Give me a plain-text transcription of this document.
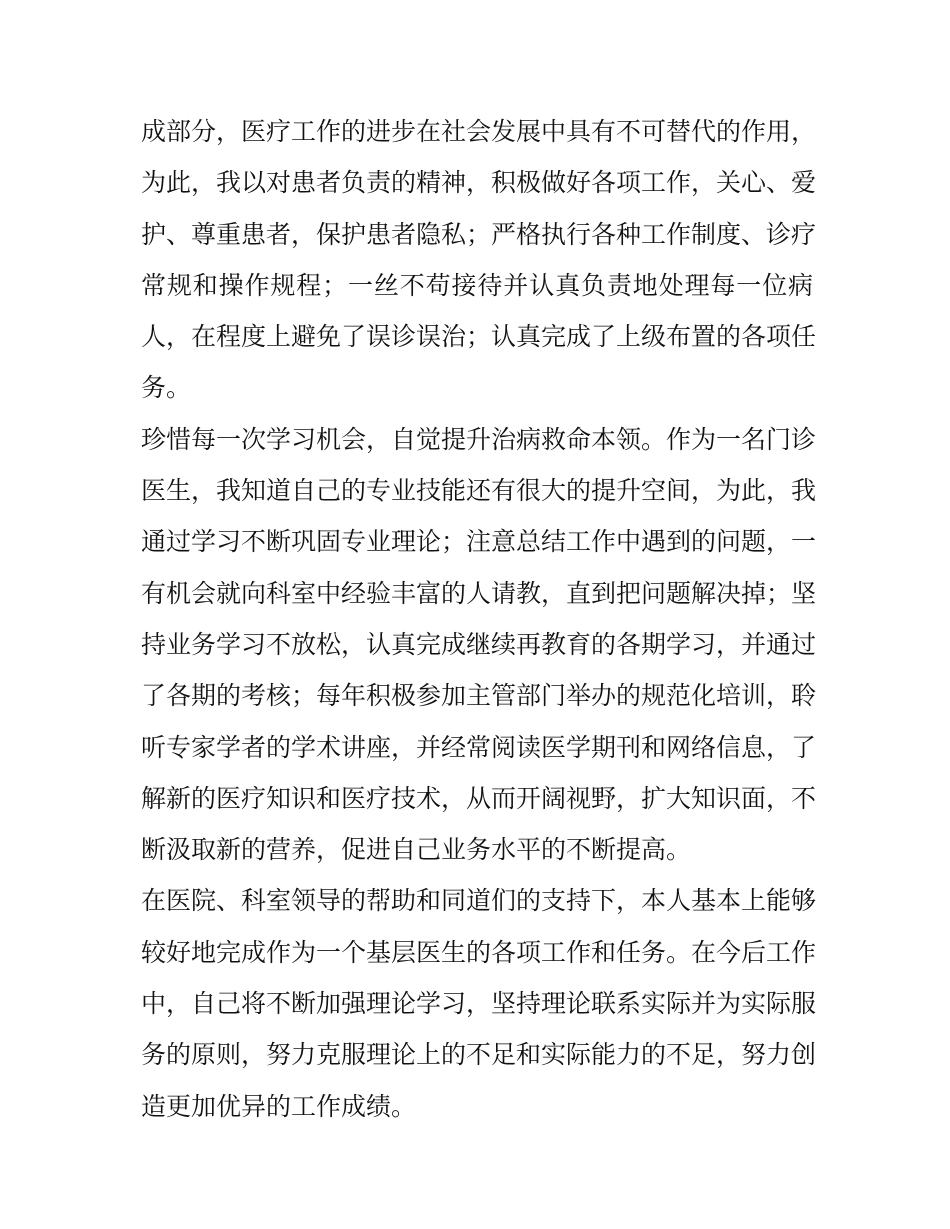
成部分，医疗工作的进步在社会发展中具有不可替代的作用，
为此，我以对患者负责的精神，积极做好各项工作，关心、爱
护、尊重患者，保护患者隐私；严格执行各种工作制度、诊疗
常规和操作规程；一丝不苟接待并认真负责地处理每一位病
人，在程度上避免了误诊误治；认真完成了上级布置的各项任
务。
珍惜每一次学习机会，自觉提升治病救命本领。作为一名门诊
医生，我知道自己的专业技能还有很大的提升空间，为此，我
通过学习不断巩固专业理论；注意总结工作中遇到的问题，一
有机会就向科室中经验丰富的人请教，直到把问题解决掉；坚
持业务学习不放松，认真完成继续再教育的各期学习，并通过
了各期的考核；每年积极参加主管部门举办的规范化培训，聆
听专家学者的学术讲座，并经常阅读医学期刊和网络信息，了
解新的医疗知识和医疗技术，从而开阔视野，扩大知识面，不
断汲取新的营养，促进自己业务水平的不断提高。
在医院、科室领导的帮助和同道们的支持下，本人基本上能够
较好地完成作为一个基层医生的各项工作和任务。在今后工作
中，自己将不断加强理论学习，坚持理论联系实际并为实际服
务的原则，努力克服理论上的不足和实际能力的不足，努力创
造更加优异的工作成绩。
